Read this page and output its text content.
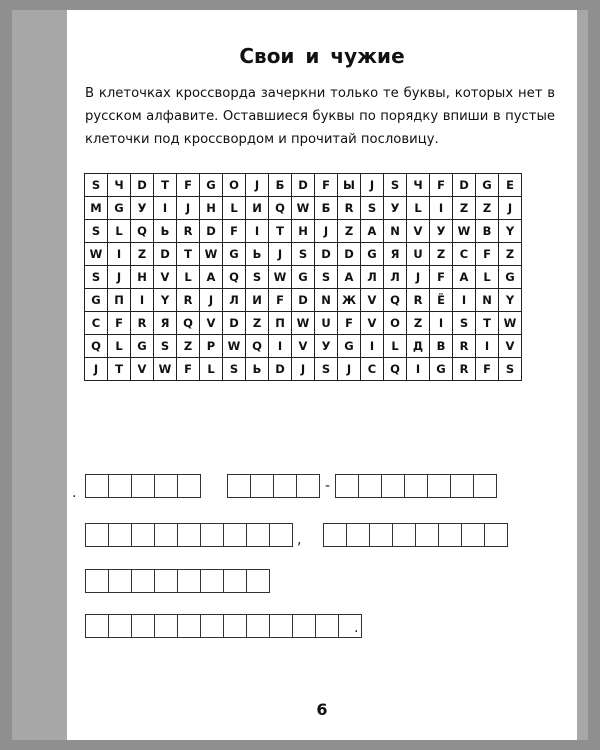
Свои и чужие
В клеточках кроссворда зачеркни только те буквы, которых нет в русском алфавите. Оставшиеся буквы по порядку впиши в пустые клеточки под кроссвордом и прочитай пословицу.
S	Ч	D	T	F	G	O	J	Б	D	F	Ы	J	S	Ч	F	D	G	E
M	G	У	I	J	H	L	И	Q	W	Б	R	S	У	L	I	Z	Z	J
S	L	Q	Ь	R	D	F	I	T	H	J	Z	A	N	V	У	W	В	Y
W	I	Z	D	T	W	G	Ь	J	S	D	D	G	Я	U	Z	C	F	Z
S	J	H	V	L	A	Q	S	W	G	S	A	Л	Л	J	F	A	L	G
G	П	I	Y	R	J	Л	И	F	D	N	Ж	V	Q	R	Ё	I	N	Y
C	F	R	Я	Q	V	D	Z	П	W	U	F	V	O	Z	I	S	T	W
Q	L	G	S	Z	P	W	Q	I	V	У	G	I	L	Д	B	R	I	V
J	T	V	W	F	L	S	Ь	D	J	S	J	C	Q	I	G	R	F	S
-
.
,
.
6
